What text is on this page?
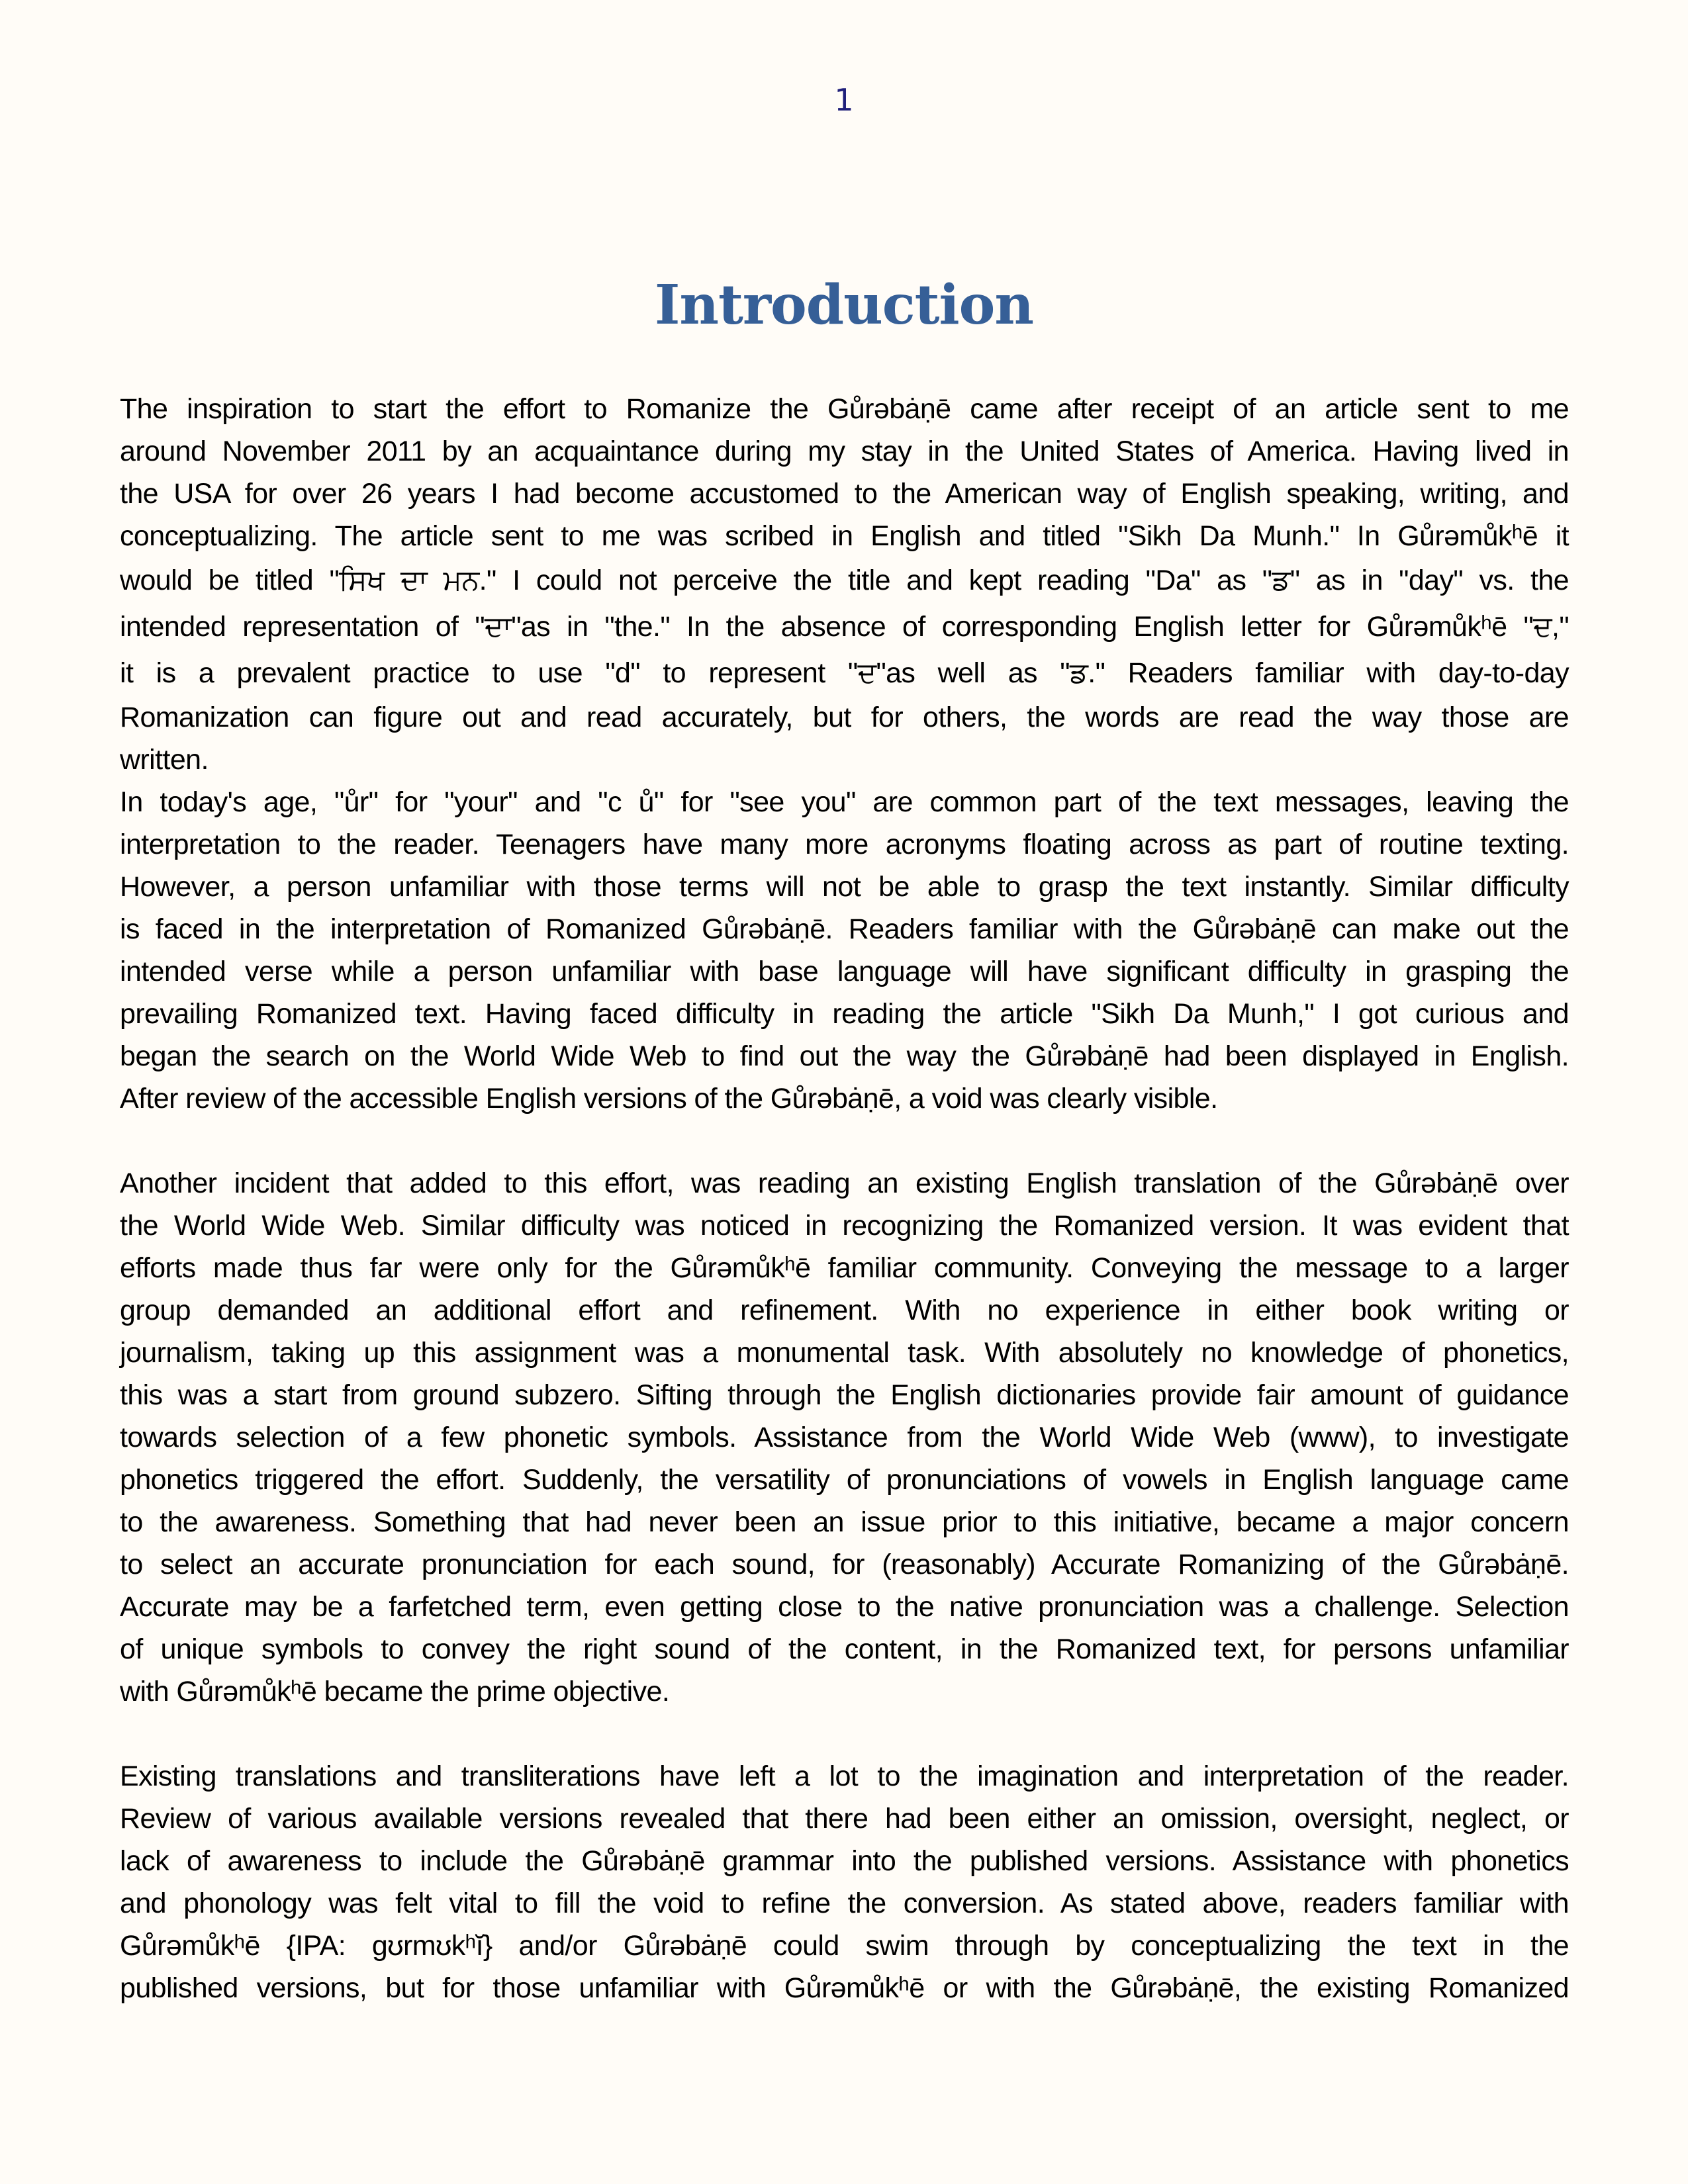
1
Introduction
The inspiration to start the effort to Romanize the Gůrəbȧṇē came after receipt of an article sent to me
around November 2011 by an acquaintance during my stay in the United States of America. Having lived in
the USA for over 26 years I had become accustomed to the American way of English speaking, writing, and
conceptualizing. The article sent to me was scribed in English and titled "Sikh Da Munh." In Gůrəmůkʰē it
would be titled "ਸਿਖ ਦਾ ਮਨ." I could not perceive the title and kept reading "Da" as "ਡ" as in "day" vs. the
intended representation of "ਦਾ"as in "the." In the absence of corresponding English letter for Gůrəmůkʰē "ਦ,"
it is a prevalent practice to use "d" to represent "ਦ"as well as "ਡ." Readers familiar with day-to-day
Romanization can figure out and read accurately, but for others, the words are read the way those are
written.
In today's age, "ůr" for "your" and "c ů" for "see you" are common part of the text messages, leaving the
interpretation to the reader. Teenagers have many more acronyms floating across as part of routine texting.
However, a person unfamiliar with those terms will not be able to grasp the text instantly. Similar difficulty
is faced in the interpretation of Romanized Gůrəbȧṇē. Readers familiar with the Gůrəbȧṇē can make out the
intended verse while a person unfamiliar with base language will have significant difficulty in grasping the
prevailing Romanized text. Having faced difficulty in reading the article "Sikh Da Munh," I got curious and
began the search on the World Wide Web to find out the way the Gůrəbȧṇē had been displayed in English.
After review of the accessible English versions of the Gůrəbȧṇē, a void was clearly visible.
Another incident that added to this effort, was reading an existing English translation of the Gůrəbȧṇē over
the World Wide Web. Similar difficulty was noticed in recognizing the Romanized version. It was evident that
efforts made thus far were only for the Gůrəmůkʰē familiar community. Conveying the message to a larger
group demanded an additional effort and refinement. With no experience in either book writing or
journalism, taking up this assignment was a monumental task. With absolutely no knowledge of phonetics,
this was a start from ground subzero. Sifting through the English dictionaries provide fair amount of guidance
towards selection of a few phonetic symbols. Assistance from the World Wide Web (www), to investigate
phonetics triggered the effort. Suddenly, the versatility of pronunciations of vowels in English language came
to the awareness. Something that had never been an issue prior to this initiative, became a major concern
to select an accurate pronunciation for each sound, for (reasonably) Accurate Romanizing of the Gůrəbȧṇē.
Accurate may be a farfetched term, even getting close to the native pronunciation was a challenge. Selection
of unique symbols to convey the right sound of the content, in the Romanized text, for persons unfamiliar
with Gůrəmůkʰē became the prime objective.
Existing translations and transliterations have left a lot to the imagination and interpretation of the reader.
Review of various available versions revealed that there had been either an omission, oversight, neglect, or
lack of awareness to include the Gůrəbȧṇē grammar into the published versions. Assistance with phonetics
and phonology was felt vital to fill the void to refine the conversion. As stated above, readers familiar with
Gůrəmůkʰē {IPA: gʊrmʊkʰĭ} and/or Gůrəbȧṇē could swim through by conceptualizing the text in the
published versions, but for those unfamiliar with Gůrəmůkʰē or with the Gůrəbȧṇē, the existing Romanized
